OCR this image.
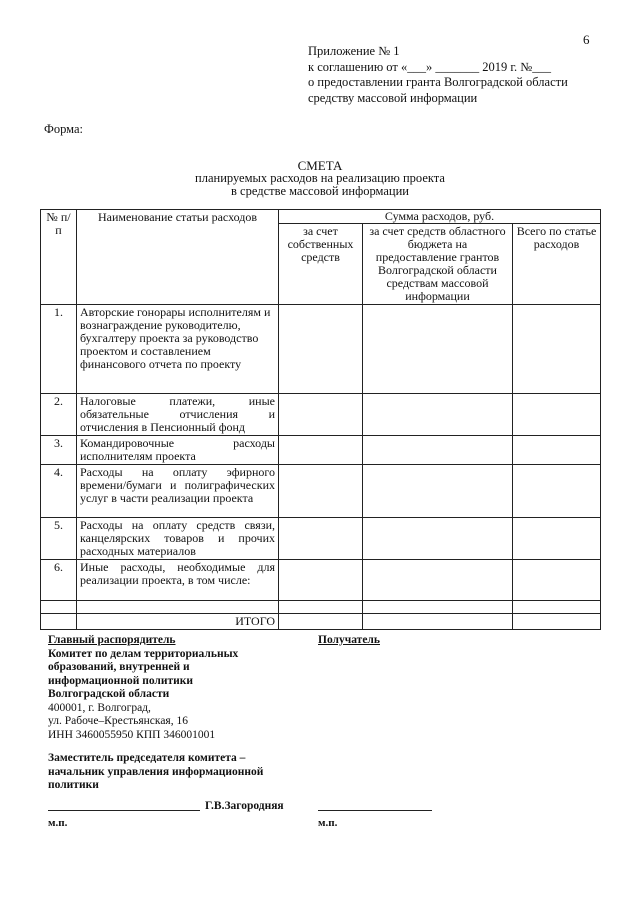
6
Приложение № 1
к соглашению от «___» _______ 2019 г. №___
о предоставлении гранта Волгоградской области
средству массовой информации
Форма:
СМЕТА
планируемых расходов на реализацию проекта
в средстве массовой информации
№ п/п	Наименование статьи расходов	Сумма расходов, руб.		
		за счет собственных средств	за счет средств областного бюджета на предоставление грантов Волгоградской области средствам массовой информации	Всего по статье расходов
1.	Авторские гонорары исполнителям и вознаграждение руководителю, бухгалтеру проекта за руководство проектом и составлением финансового отчета по проекту			
2.	Налоговые платежи, иные обязательные отчисления и отчисления в Пенсионный фонд			
3.	Командировочные расходы исполнителям проекта			
4.	Расходы на оплату эфирного времени/бумаги и полиграфических услуг в части реализации проекта			
5.	Расходы на оплату средств связи, канцелярских товаров и прочих расходных материалов			
6.	Иные расходы, необходимые для реализации проекта, в том числе:			

	ИТОГО			
Главный распорядитель
Комитет по делам территориальных
образований, внутренней и
информационной политики
Волгоградской области
400001, г. Волгоград,
ул. Рабоче–Крестьянская, 16
ИНН 3460055950 КПП 346001001
Получатель
Заместитель председателя комитета –
начальник управления информационной
политики
Г.В.Загородняя
м.п.	м.п.
